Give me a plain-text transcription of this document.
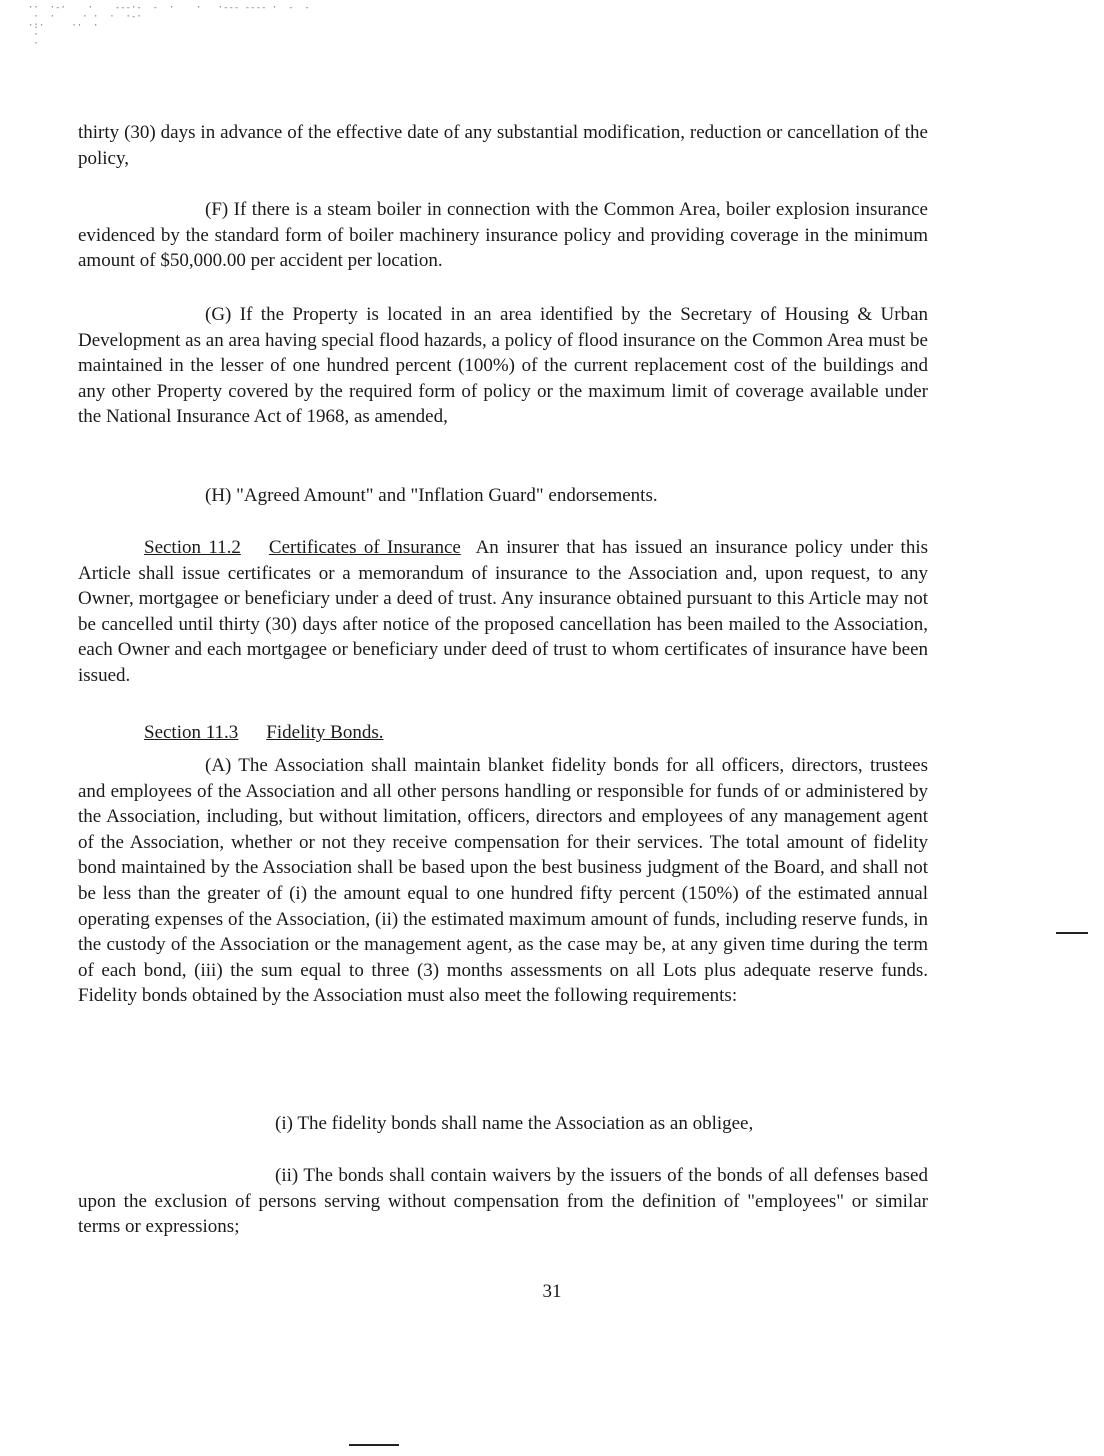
··  ·-·    ·    ---·-  -  ·    ·   ·--- ---- ·  -  -
·  ·     · ·  ·  ·-·
·:·     ··  ·
·
·

thirty (30) days in advance of the effective date of any substantial modification, reduction or cancellation of the policy,

(F) If there is a steam boiler in connection with the Common Area, boiler explosion insurance evidenced by the standard form of boiler machinery insurance policy and providing coverage in the minimum amount of $50,000.00 per accident per location.

(G) If the Property is located in an area identified by the Secretary of Housing & Urban Development as an area having special flood hazards, a policy of flood insurance on the Common Area must be maintained in the lesser of one hundred percent (100%) of the current replacement cost of the buildings and any other Property covered by the required form of policy or the maximum limit of coverage available under the National Insurance Act of 1968, as amended,

(H) "Agreed Amount" and "Inflation Guard" endorsements.

Section 11.2 Certificates of Insurance An insurer that has issued an insurance policy under this Article shall issue certificates or a memorandum of insurance to the Association and, upon request, to any Owner, mortgagee or beneficiary under a deed of trust. Any insurance obtained pursuant to this Article may not be cancelled until thirty (30) days after notice of the proposed cancellation has been mailed to the Association, each Owner and each mortgagee or beneficiary under deed of trust to whom certificates of insurance have been issued.

Section 11.3 Fidelity Bonds.

(A) The Association shall maintain blanket fidelity bonds for all officers, directors, trustees and employees of the Association and all other persons handling or responsible for funds of or administered by the Association, including, but without limitation, officers, directors and employees of any management agent of the Association, whether or not they receive compensation for their services. The total amount of fidelity bond maintained by the Association shall be based upon the best business judgment of the Board, and shall not be less than the greater of (i) the amount equal to one hundred fifty percent (150%) of the estimated annual operating expenses of the Association, (ii) the estimated maximum amount of funds, including reserve funds, in the custody of the Association or the management agent, as the case may be, at any given time during the term of each bond, (iii) the sum equal to three (3) months assessments on all Lots plus adequate reserve funds. Fidelity bonds obtained by the Association must also meet the following requirements:

(i) The fidelity bonds shall name the Association as an obligee,

(ii) The bonds shall contain waivers by the issuers of the bonds of all defenses based upon the exclusion of persons serving without compensation from the definition of "employees" or similar terms or expressions;

31
